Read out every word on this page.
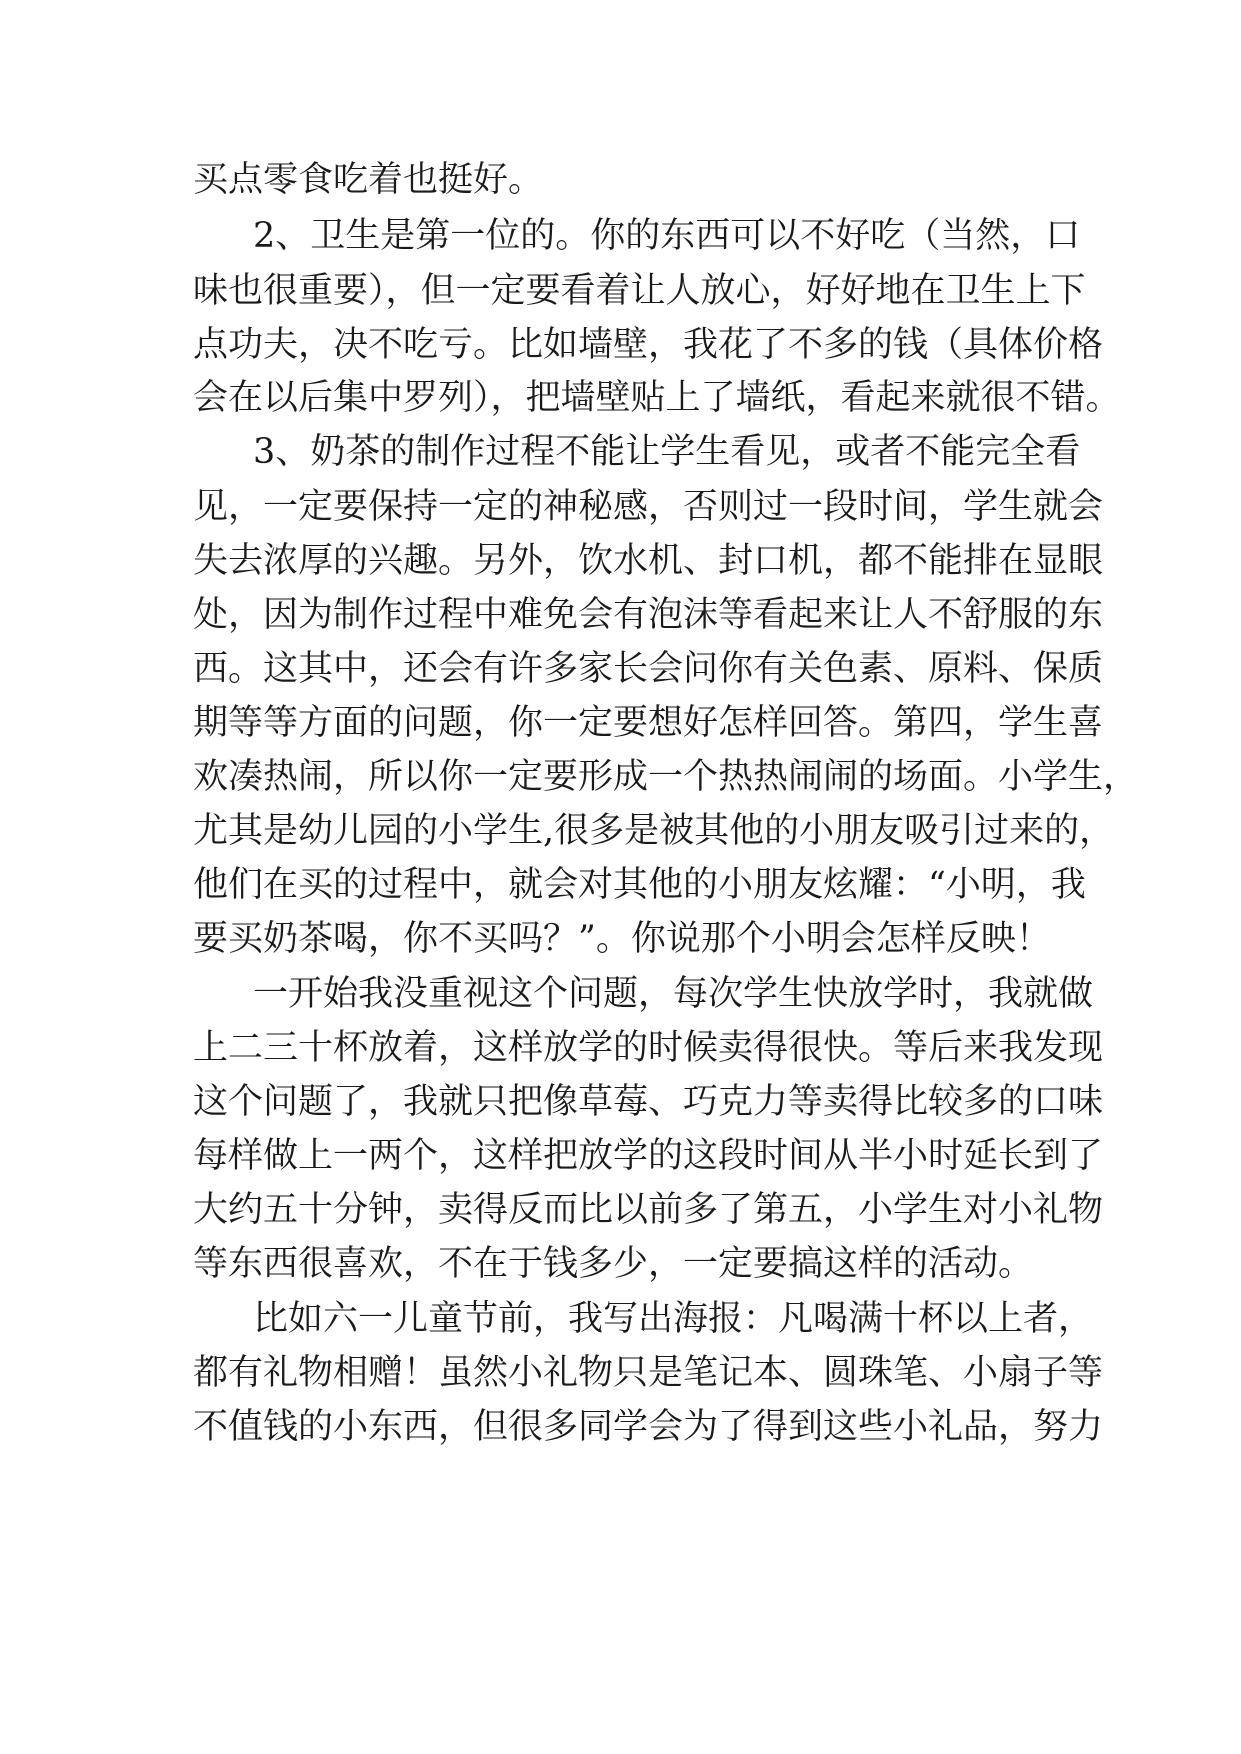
买点零食吃着也挺好。
2、卫生是第一位的。你的东西可以不好吃（当然，口
味也很重要），但一定要看着让人放心，好好地在卫生上下
点功夫，决不吃亏。比如墙壁，我花了不多的钱（具体价格
会在以后集中罗列），把墙壁贴上了墙纸，看起来就很不错。
3、奶茶的制作过程不能让学生看见，或者不能完全看
见，一定要保持一定的神秘感，否则过一段时间，学生就会
失去浓厚的兴趣。另外，饮水机、封口机，都不能排在显眼
处，因为制作过程中难免会有泡沫等看起来让人不舒服的东
西。这其中，还会有许多家长会问你有关色素、原料、保质
期等等方面的问题，你一定要想好怎样回答。第四，学生喜
欢凑热闹，所以你一定要形成一个热热闹闹的场面。小学生，
尤其是幼儿园的小学生,很多是被其他的小朋友吸引过来的，
他们在买的过程中，就会对其他的小朋友炫耀：“小明，我
要买奶茶喝，你不买吗？”。你说那个小明会怎样反映！
一开始我没重视这个问题，每次学生快放学时，我就做
上二三十杯放着，这样放学的时候卖得很快。等后来我发现
这个问题了，我就只把像草莓、巧克力等卖得比较多的口味
每样做上一两个，这样把放学的这段时间从半小时延长到了
大约五十分钟，卖得反而比以前多了第五，小学生对小礼物
等东西很喜欢，不在于钱多少，一定要搞这样的活动。
比如六一儿童节前，我写出海报：凡喝满十杯以上者，
都有礼物相赠！虽然小礼物只是笔记本、圆珠笔、小扇子等
不值钱的小东西，但很多同学会为了得到这些小礼品，努力
